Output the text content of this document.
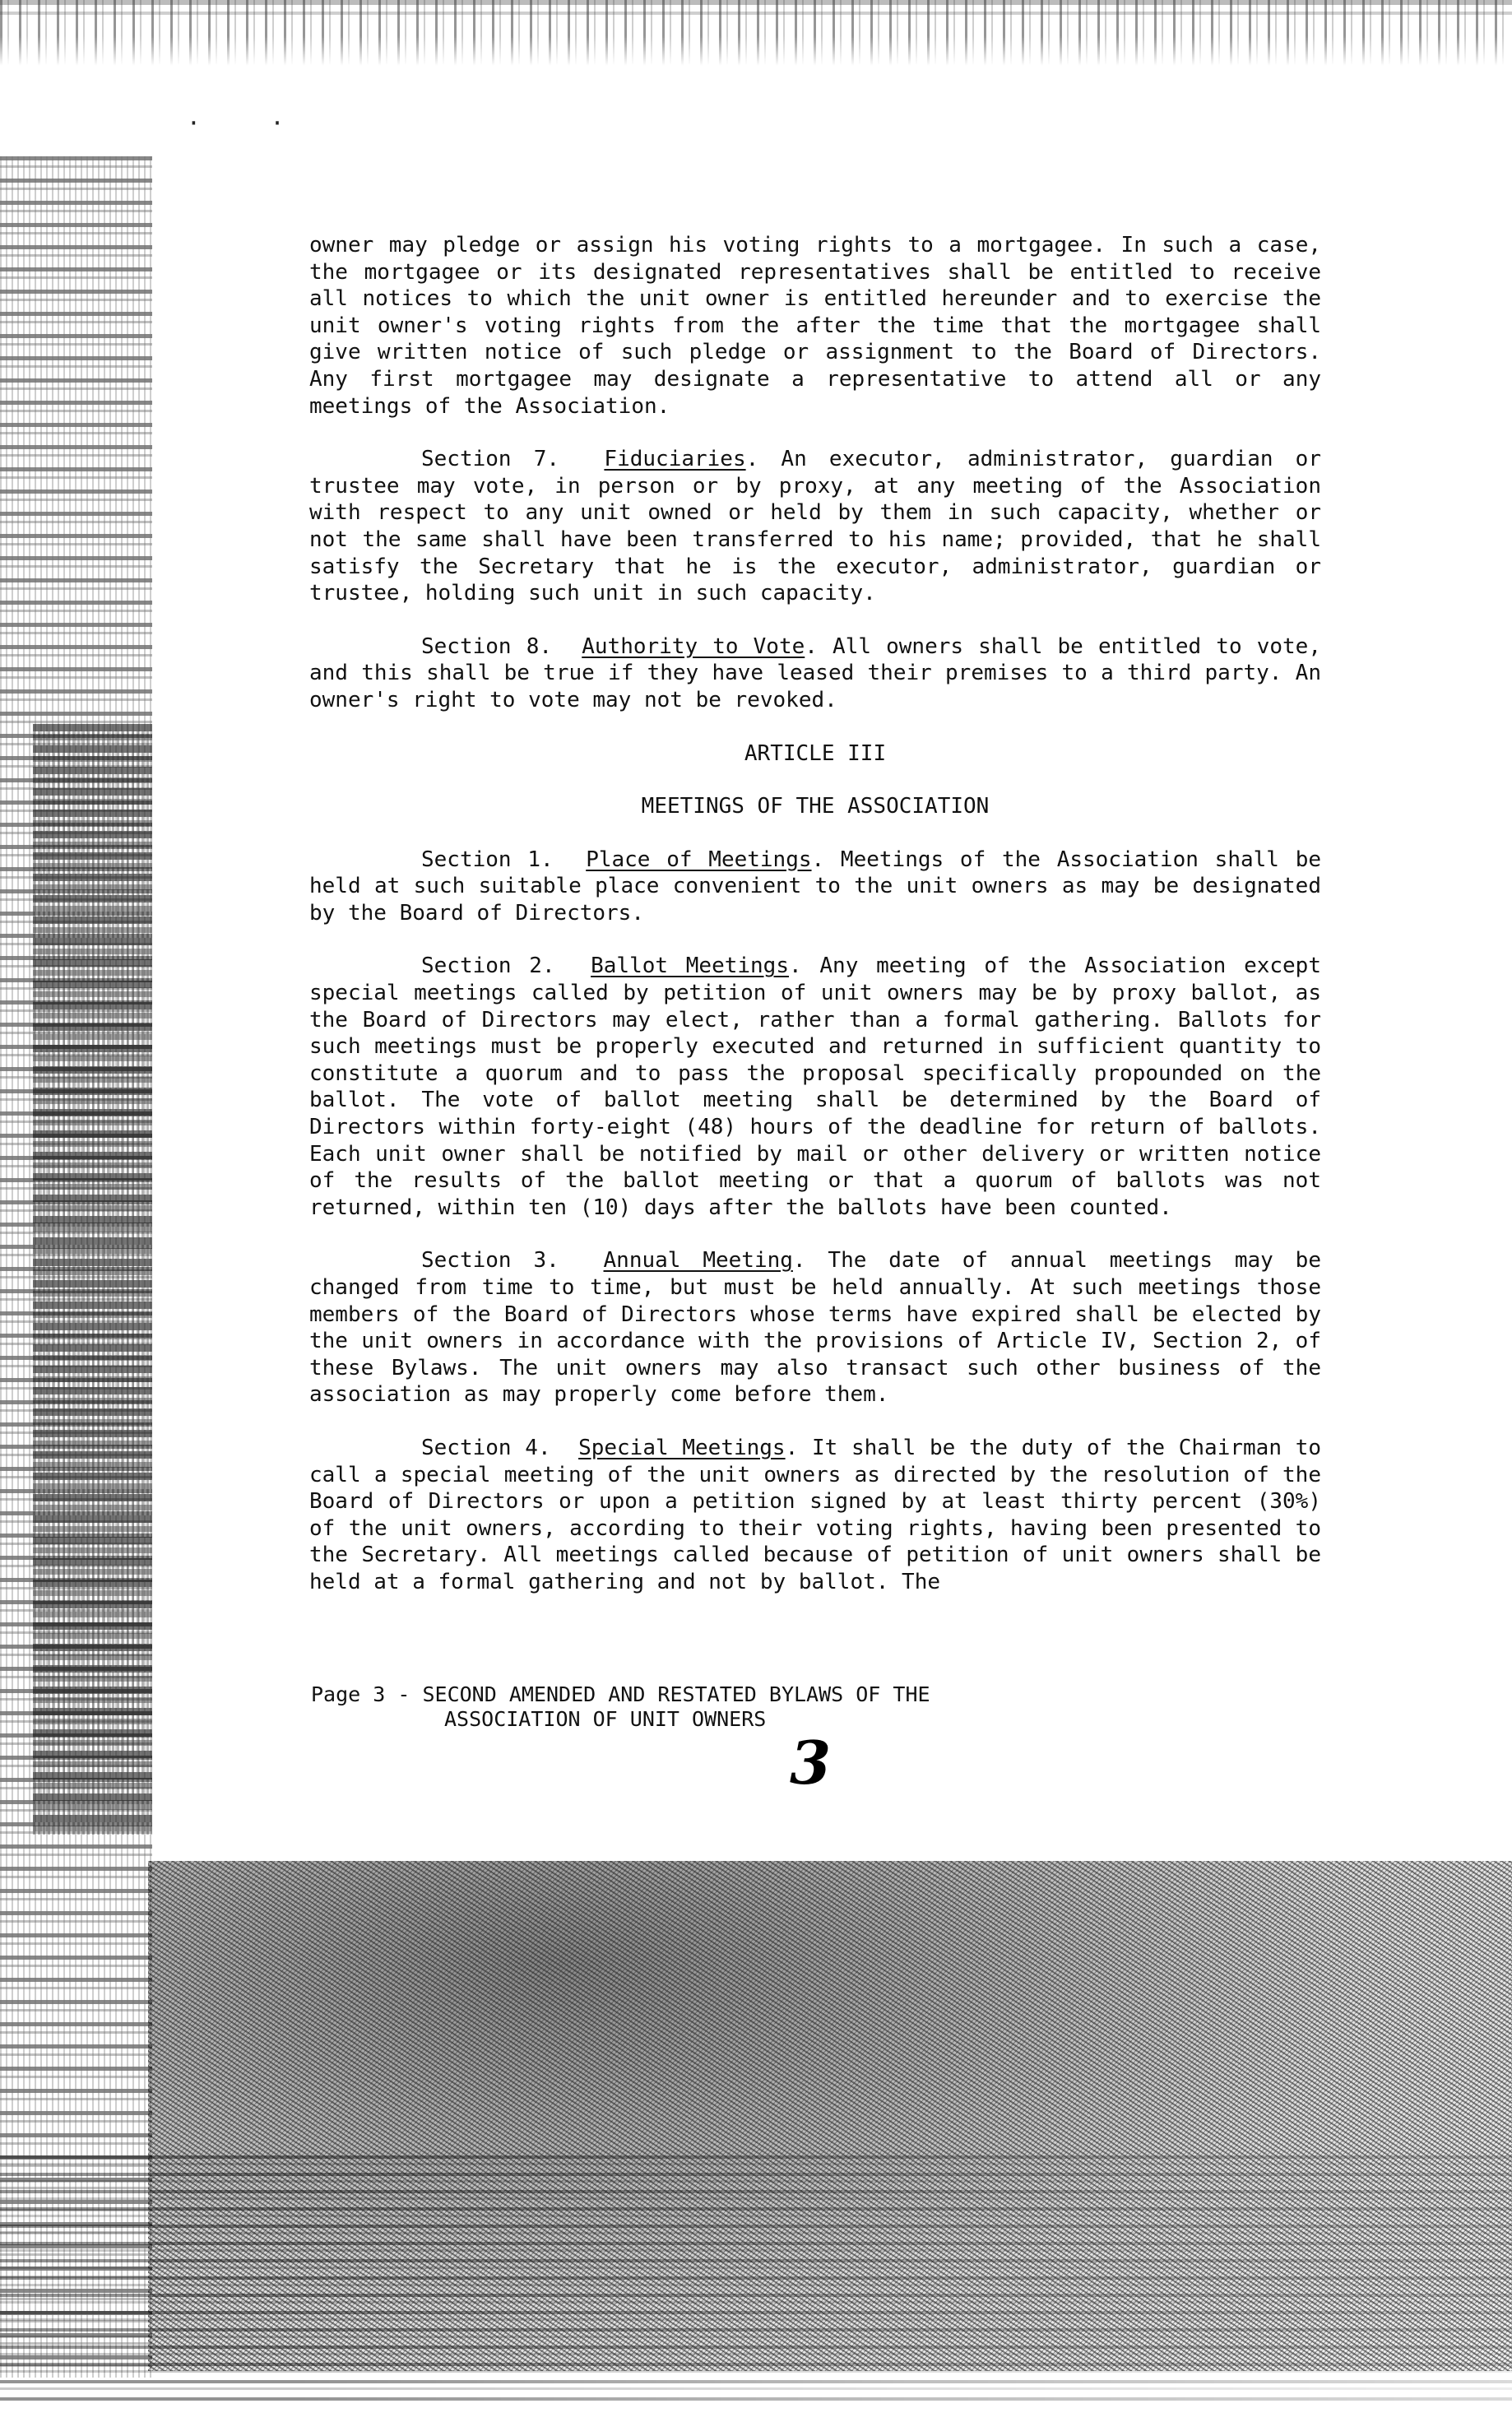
· ·

owner may pledge or assign his voting rights to a mortgagee. In such a case, the mortgagee or its designated representatives shall be entitled to receive all notices to which the unit owner is entitled hereunder and to exercise the unit owner's voting rights from the after the time that the mortgagee shall give written notice of such pledge or assignment to the Board of Directors. Any first mortgagee may designate a representative to attend all or any meetings of the Association.

Section 7. Fiduciaries. An executor, administrator, guardian or trustee may vote, in person or by proxy, at any meeting of the Association with respect to any unit owned or held by them in such capacity, whether or not the same shall have been transferred to his name; provided, that he shall satisfy the Secretary that he is the executor, administrator, guardian or trustee, holding such unit in such capacity.

Section 8. Authority to Vote. All owners shall be entitled to vote, and this shall be true if they have leased their premises to a third party. An owner's right to vote may not be revoked.

ARTICLE III

MEETINGS OF THE ASSOCIATION

Section 1. Place of Meetings. Meetings of the Association shall be held at such suitable place convenient to the unit owners as may be designated by the Board of Directors.

Section 2. Ballot Meetings. Any meeting of the Association except special meetings called by petition of unit owners may be by proxy ballot, as the Board of Directors may elect, rather than a formal gathering. Ballots for such meetings must be properly executed and returned in sufficient quantity to constitute a quorum and to pass the proposal specifically propounded on the ballot. The vote of ballot meeting shall be determined by the Board of Directors within forty-eight (48) hours of the deadline for return of ballots. Each unit owner shall be notified by mail or other delivery or written notice of the results of the ballot meeting or that a quorum of ballots was not returned, within ten (10) days after the ballots have been counted.

Section 3. Annual Meeting. The date of annual meetings may be changed from time to time, but must be held annually. At such meetings those members of the Board of Directors whose terms have expired shall be elected by the unit owners in accordance with the provisions of Article IV, Section 2, of these Bylaws. The unit owners may also transact such other business of the association as may properly come before them.

Section 4. Special Meetings. It shall be the duty of the Chairman to call a special meeting of the unit owners as directed by the resolution of the Board of Directors or upon a petition signed by at least thirty percent (30%) of the unit owners, according to their voting rights, having been presented to the Secretary. All meetings called because of petition of unit owners shall be held at a formal gathering and not by ballot. The

Page 3 - SECOND AMENDED AND RESTATED BYLAWS OF THE
ASSOCIATION OF UNIT OWNERS
3
